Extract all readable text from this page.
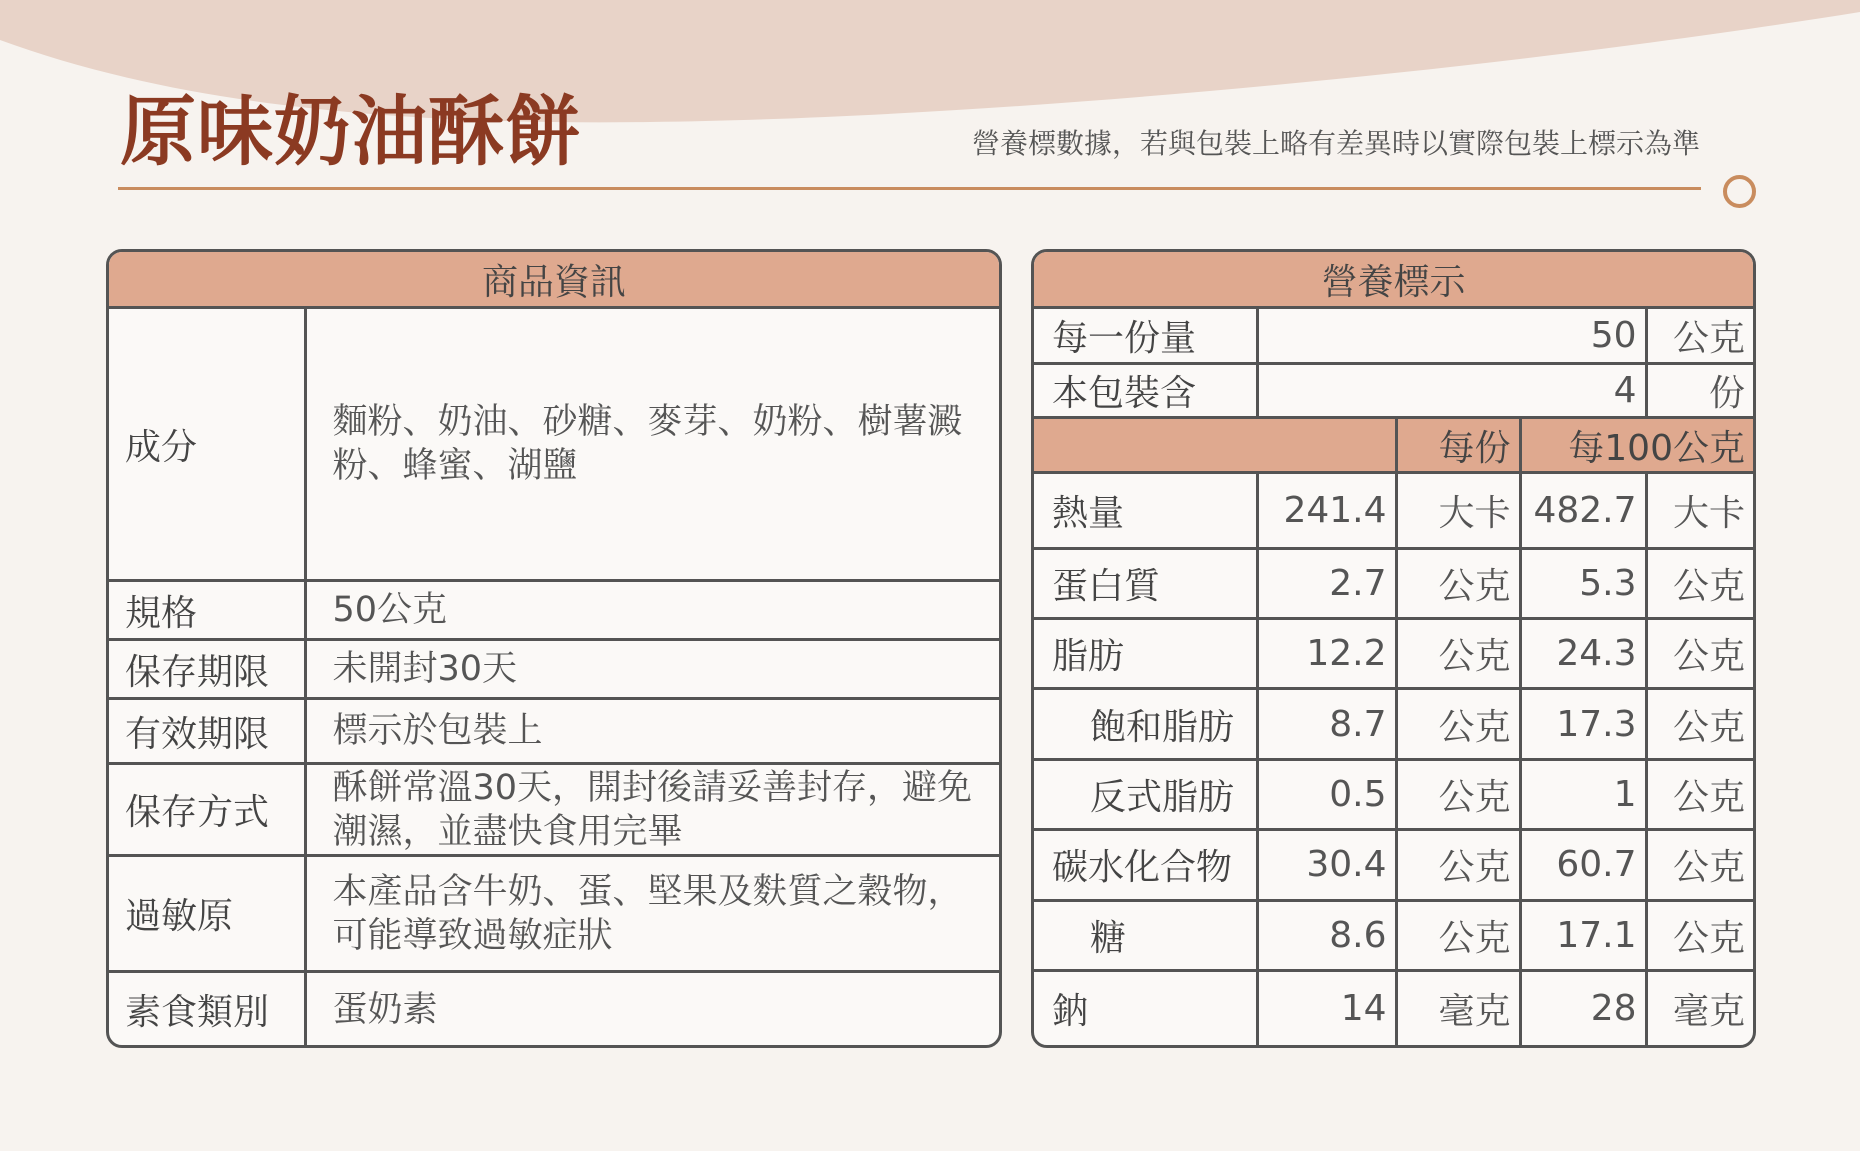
原味奶油酥餅	營養標數據，若與包裝上略有差異時以實際包裝上標示為準
商品資訊	
成分	麵粉、奶油、砂糖、麥芽、奶粉、樹薯澱粉、蜂蜜、湖鹽
規格	50公克
保存期限	未開封30天
有效期限	標示於包裝上
保存方式	酥餅常溫30天，開封後請妥善封存，避免潮濕，並盡快食用完畢
過敏原	本產品含牛奶、蛋、堅果及麩質之穀物，可能導致過敏症狀
素食類別	蛋奶素
營養標示				
每一份量	50			公克
本包裝含	4			份
		每份	每100公克	
熱量	241.4	大卡	482.7	大卡
蛋白質	2.7	公克	5.3	公克
脂肪	12.2	公克	24.3	公克
飽和脂肪	8.7	公克	17.3	公克
反式脂肪	0.5	公克	1	公克
碳水化合物	30.4	公克	60.7	公克
糖	8.6	公克	17.1	公克
鈉	14	毫克	28	毫克
